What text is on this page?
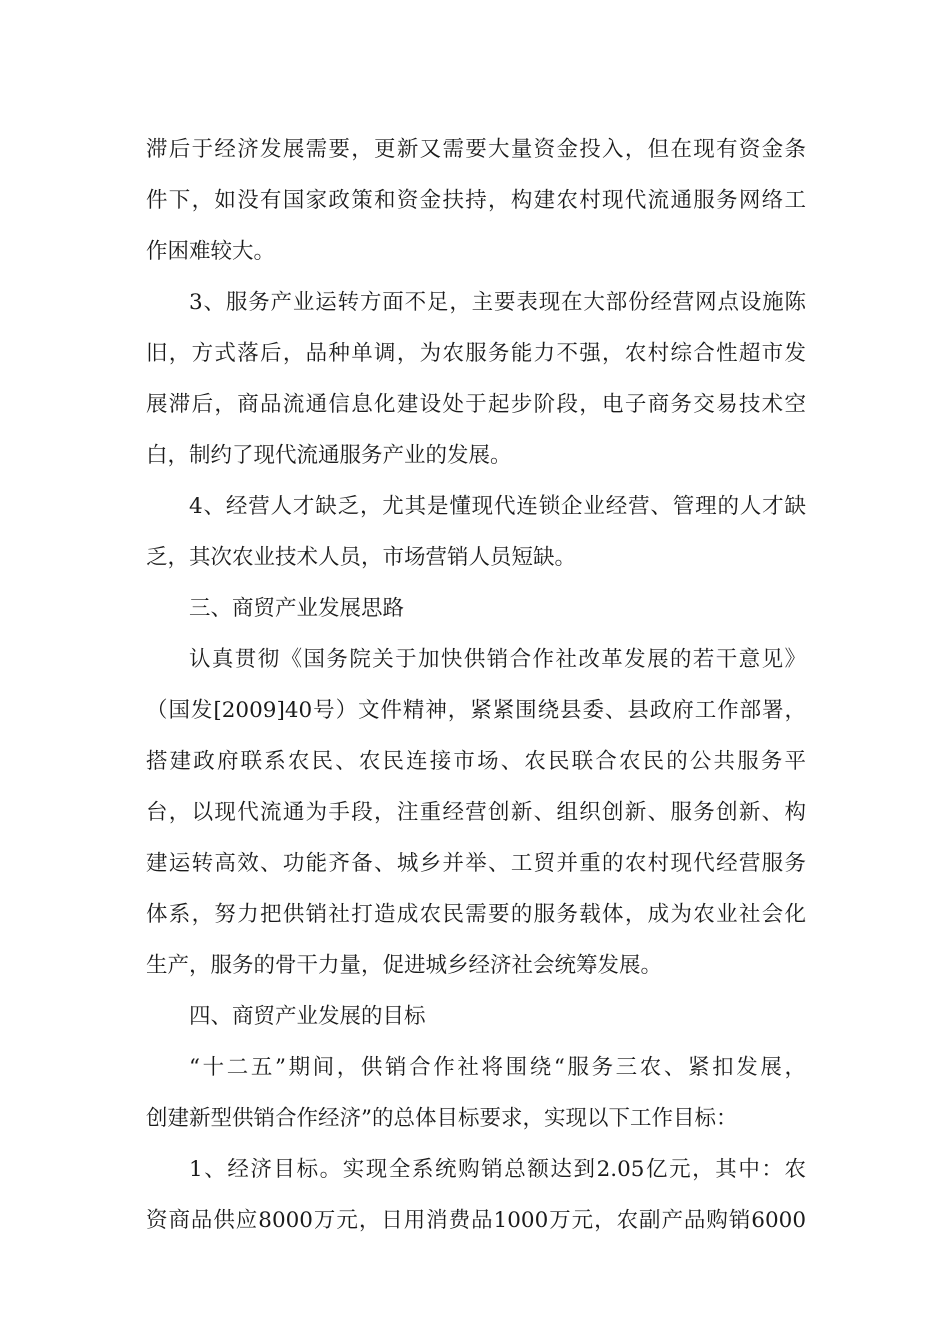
滞后于经济发展需要，更新又需要大量资金投入，但在现有资金条
件下，如没有国家政策和资金扶持，构建农村现代流通服务网络工
作困难较大。
3、服务产业运转方面不足，主要表现在大部份经营网点设施陈
旧，方式落后，品种单调，为农服务能力不强，农村综合性超市发
展滞后，商品流通信息化建设处于起步阶段，电子商务交易技术空
白，制约了现代流通服务产业的发展。
4、经营人才缺乏，尤其是懂现代连锁企业经营、管理的人才缺
乏，其次农业技术人员，市场营销人员短缺。
三、商贸产业发展思路
认真贯彻《国务院关于加快供销合作社改革发展的若干意见》
（国发[2009]40号）文件精神，紧紧围绕县委、县政府工作部署，
搭建政府联系农民、农民连接市场、农民联合农民的公共服务平
台，以现代流通为手段，注重经营创新、组织创新、服务创新、构
建运转高效、功能齐备、城乡并举、工贸并重的农村现代经营服务
体系，努力把供销社打造成农民需要的服务载体，成为农业社会化
生产，服务的骨干力量，促进城乡经济社会统筹发展。
四、商贸产业发展的目标
“十二五”期间，供销合作社将围绕“服务三农、紧扣发展，
创建新型供销合作经济”的总体目标要求，实现以下工作目标：
1、经济目标。实现全系统购销总额达到2.05亿元，其中：农
资商品供应8000万元，日用消费品1000万元，农副产品购销6000
